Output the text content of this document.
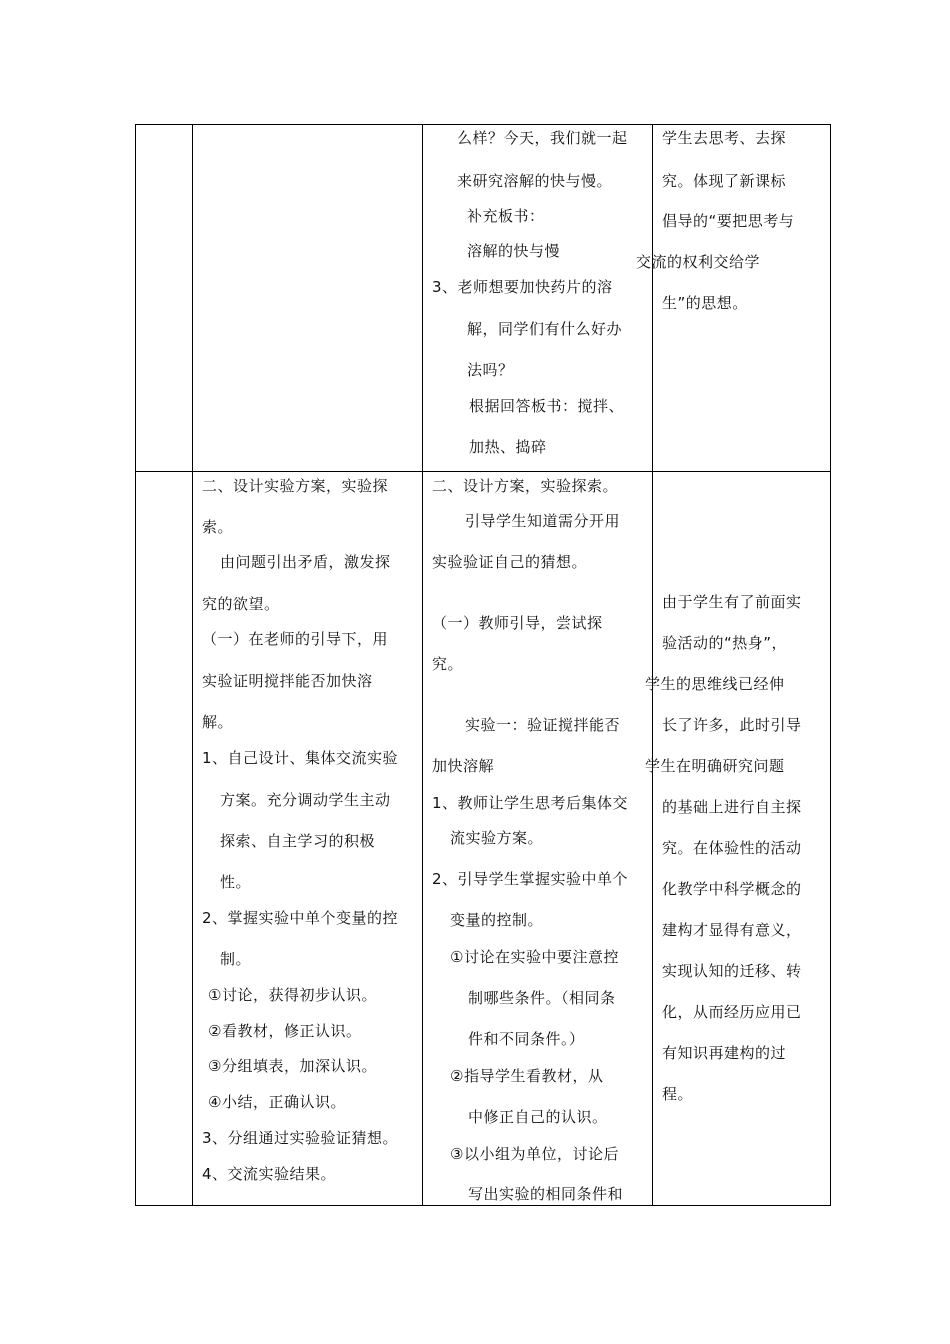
么样？今天，我们就一起
来研究溶解的快与慢。
补充板书：
溶解的快与慢
3、老师想要加快药片的溶
解，同学们有什么好办
法吗？
根据回答板书：搅拌、
加热、捣碎
学生去思考、去探
究。体现了新课标
倡导的“要把思考与
交流的权利交给学
生”的思想。
二、设计实验方案，实验探
索。
由问题引出矛盾，激发探
究的欲望。
（一）在老师的引导下，用
实验证明搅拌能否加快溶
解。
1、自己设计、集体交流实验
方案。充分调动学生主动
探索、自主学习的积极
性。
2、掌握实验中单个变量的控
制。
①讨论，获得初步认识。
②看教材，修正认识。
③分组填表，加深认识。
④小结，正确认识。
3、分组通过实验验证猜想。
4、交流实验结果。
二、设计方案，实验探索。
引导学生知道需分开用
实验验证自己的猜想。
（一）教师引导，尝试探
究。
实验一：验证搅拌能否
加快溶解
1、教师让学生思考后集体交
流实验方案。
2、引导学生掌握实验中单个
变量的控制。
①讨论在实验中要注意控
制哪些条件。（相同条
件和不同条件。）
②指导学生看教材，从
中修正自己的认识。
③以小组为单位，讨论后
写出实验的相同条件和
由于学生有了前面实
验活动的“热身”，
学生的思维线已经伸
长了许多，此时引导
学生在明确研究问题
的基础上进行自主探
究。在体验性的活动
化教学中科学概念的
建构才显得有意义，
实现认知的迁移、转
化，从而经历应用已
有知识再建构的过
程。
